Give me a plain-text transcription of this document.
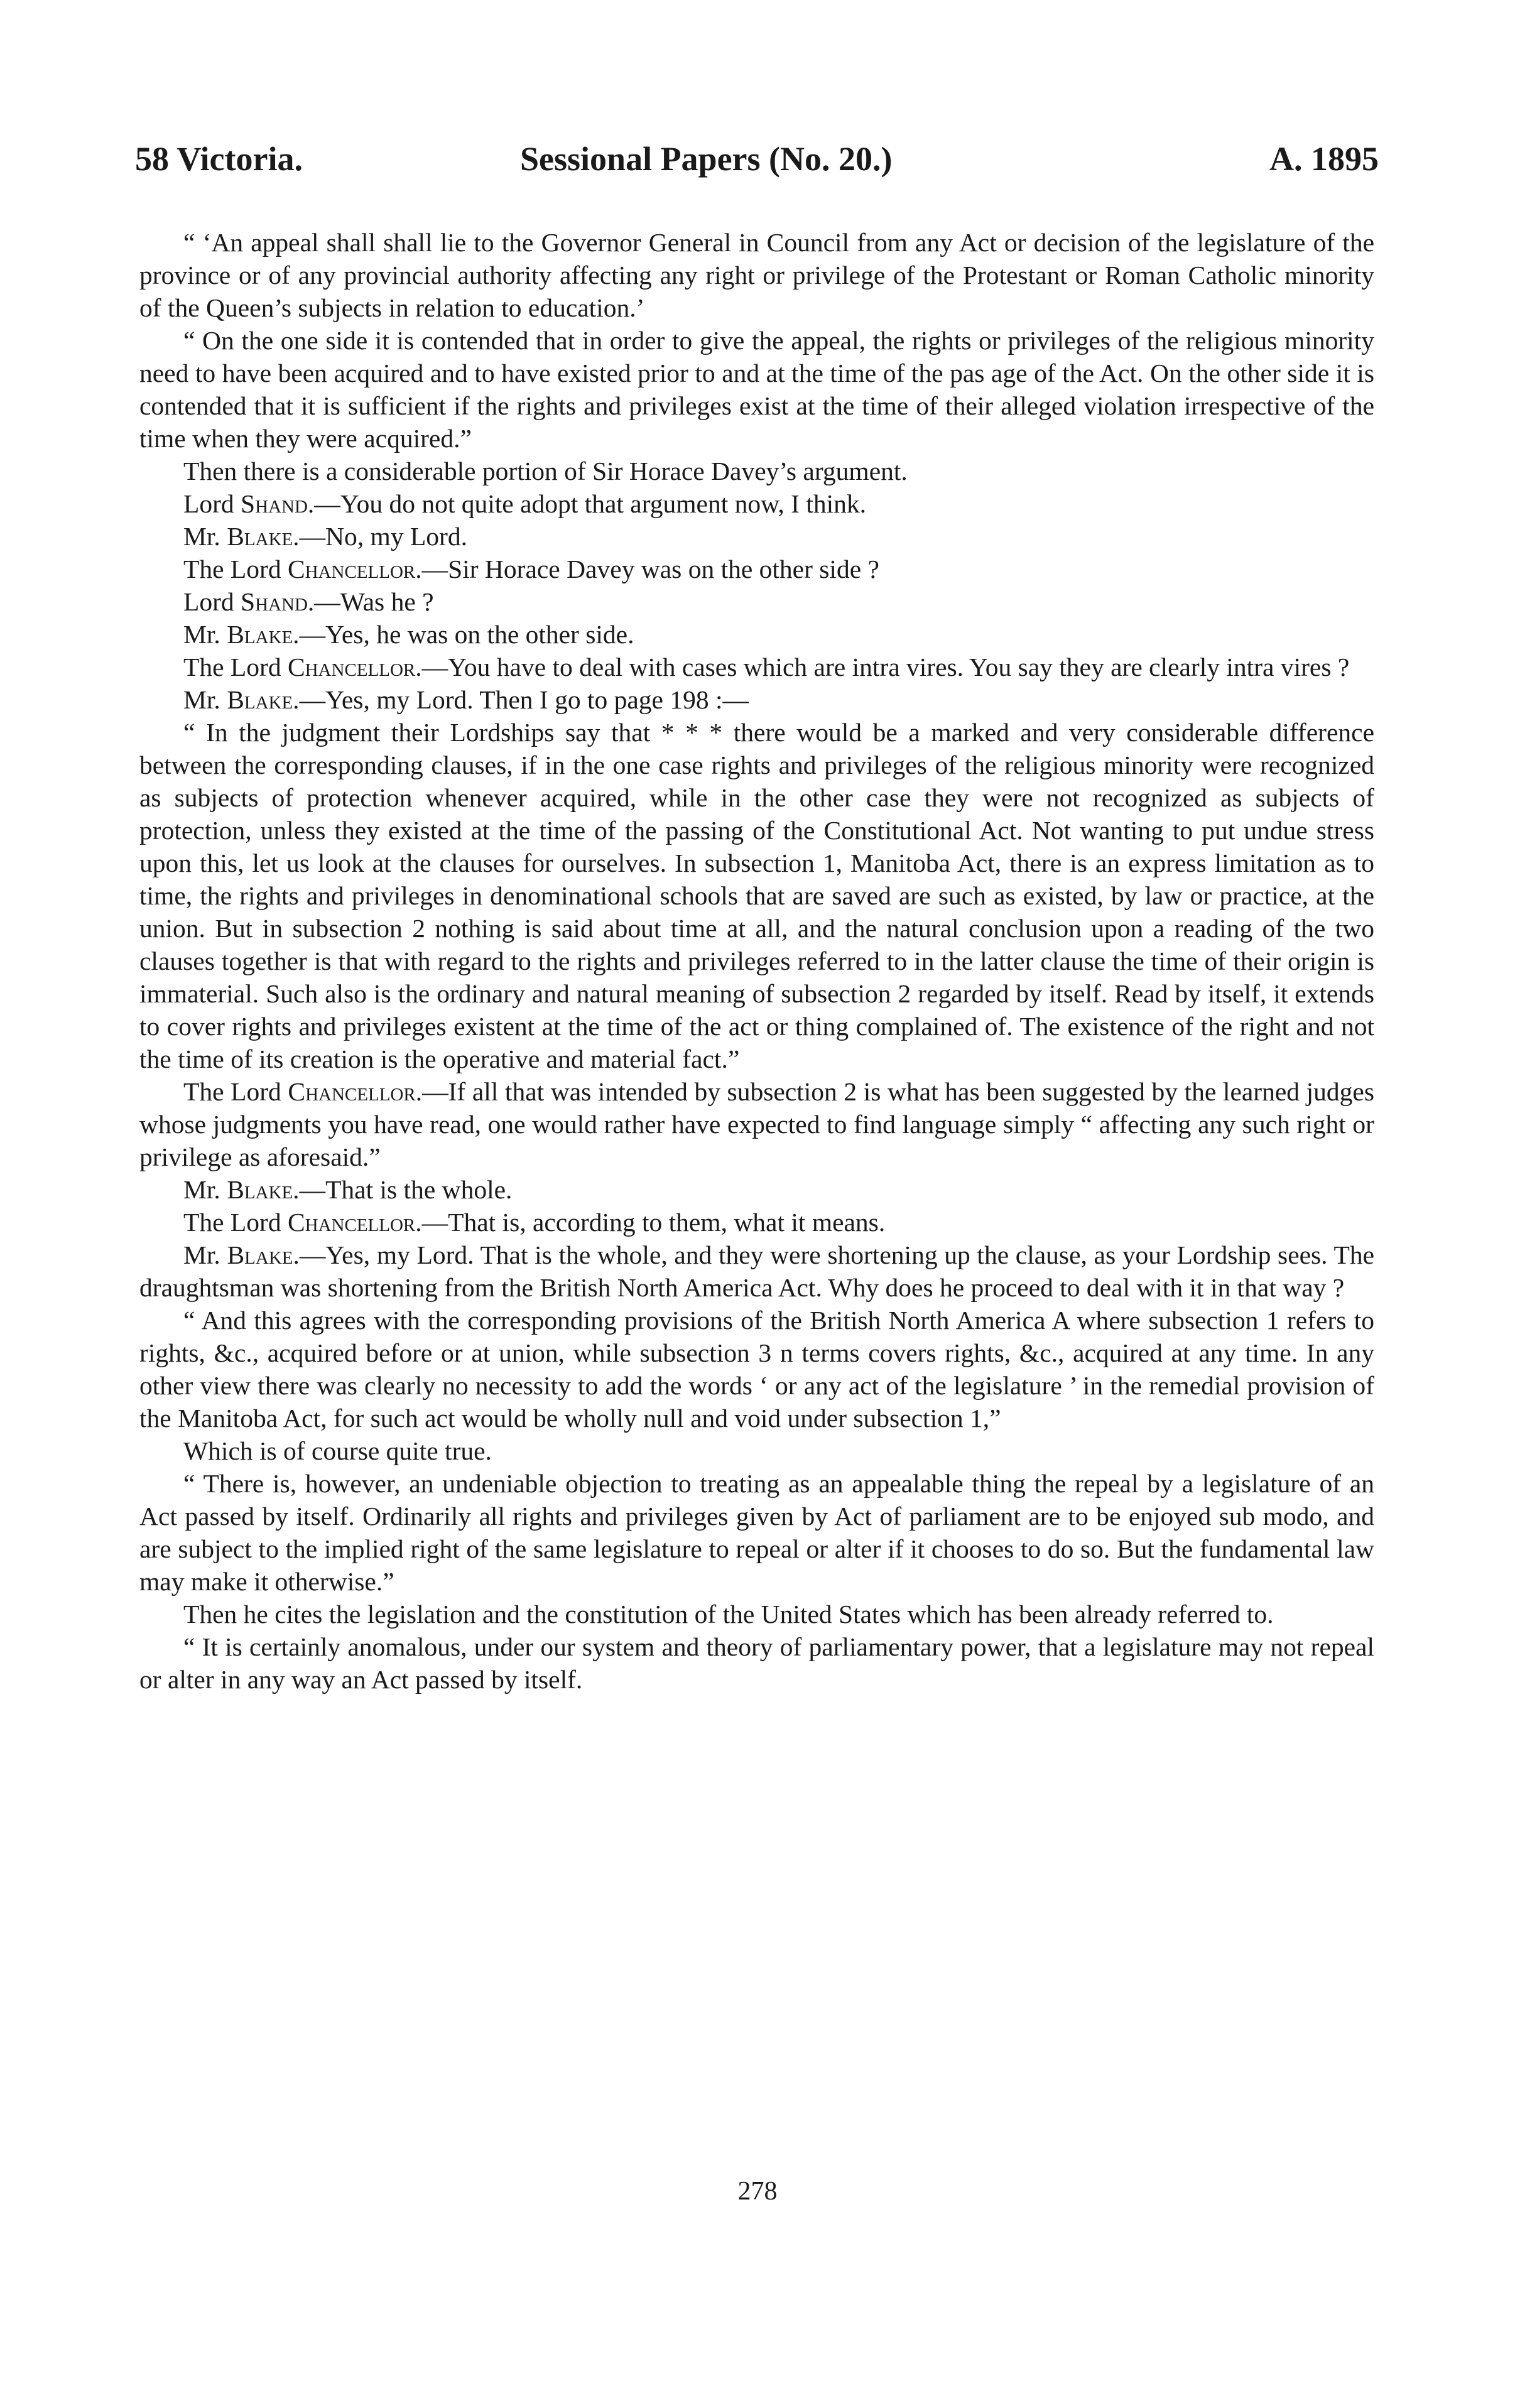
58 Victoria.	Sessional Papers (No. 20.)	A. 1895

“ ‘An appeal shall shall lie to the Governor General in Council from any Act or decision of the legislature of the province or of any provincial authority affecting any right or privilege of the Protestant or Roman Catholic minority of the Queen’s subjects in relation to education.’

“ On the one side it is contended that in order to give the appeal, the rights or privileges of the religious minority need to have been acquired and to have existed prior to and at the time of the pas age of the Act. On the other side it is contended that it is sufficient if the rights and privileges exist at the time of their alleged violation irrespective of the time when they were acquired.”

Then there is a considerable portion of Sir Horace Davey’s argument.

Lord Shand.—You do not quite adopt that argument now, I think.

Mr. Blake.—No, my Lord.

The Lord Chancellor.—Sir Horace Davey was on the other side ?

Lord Shand.—Was he ?

Mr. Blake.—Yes, he was on the other side.

The Lord Chancellor.—You have to deal with cases which are intra vires. You say they are clearly intra vires ?

Mr. Blake.—Yes, my Lord. Then I go to page 198 :—

“ In the judgment their Lordships say that * * * there would be a marked and very considerable difference between the corresponding clauses, if in the one case rights and privileges of the religious minority were recognized as subjects of protection whenever acquired, while in the other case they were not recognized as subjects of protection, unless they existed at the time of the passing of the Constitutional Act. Not wanting to put undue stress upon this, let us look at the clauses for ourselves. In subsection 1, Manitoba Act, there is an express limitation as to time, the rights and privileges in denominational schools that are saved are such as existed, by law or practice, at the union. But in subsection 2 nothing is said about time at all, and the natural conclusion upon a reading of the two clauses together is that with regard to the rights and privileges referred to in the latter clause the time of their origin is immaterial. Such also is the ordinary and natural meaning of subsection 2 regarded by itself. Read by itself, it extends to cover rights and privileges existent at the time of the act or thing complained of. The existence of the right and not the time of its creation is the operative and material fact.”

The Lord Chancellor.—If all that was intended by subsection 2 is what has been suggested by the learned judges whose judgments you have read, one would rather have expected to find language simply “ affecting any such right or privilege as aforesaid.”

Mr. Blake.—That is the whole.

The Lord Chancellor.—That is, according to them, what it means.

Mr. Blake.—Yes, my Lord. That is the whole, and they were shortening up the clause, as your Lordship sees. The draughtsman was shortening from the British North America Act. Why does he proceed to deal with it in that way ?

“ And this agrees with the corresponding provisions of the British North America A where subsection 1 refers to rights, &c., acquired before or at union, while subsection 3 n terms covers rights, &c., acquired at any time. In any other view there was clearly no necessity to add the words ‘ or any act of the legislature ’ in the remedial provision of the Manitoba Act, for such act would be wholly null and void under subsection 1,”

Which is of course quite true.

“ There is, however, an undeniable objection to treating as an appealable thing the repeal by a legislature of an Act passed by itself. Ordinarily all rights and privileges given by Act of parliament are to be enjoyed sub modo, and are subject to the implied right of the same legislature to repeal or alter if it chooses to do so. But the fundamental law may make it otherwise.”

Then he cites the legislation and the constitution of the United States which has been already referred to.

“ It is certainly anomalous, under our system and theory of parliamentary power, that a legislature may not repeal or alter in any way an Act passed by itself.

278
